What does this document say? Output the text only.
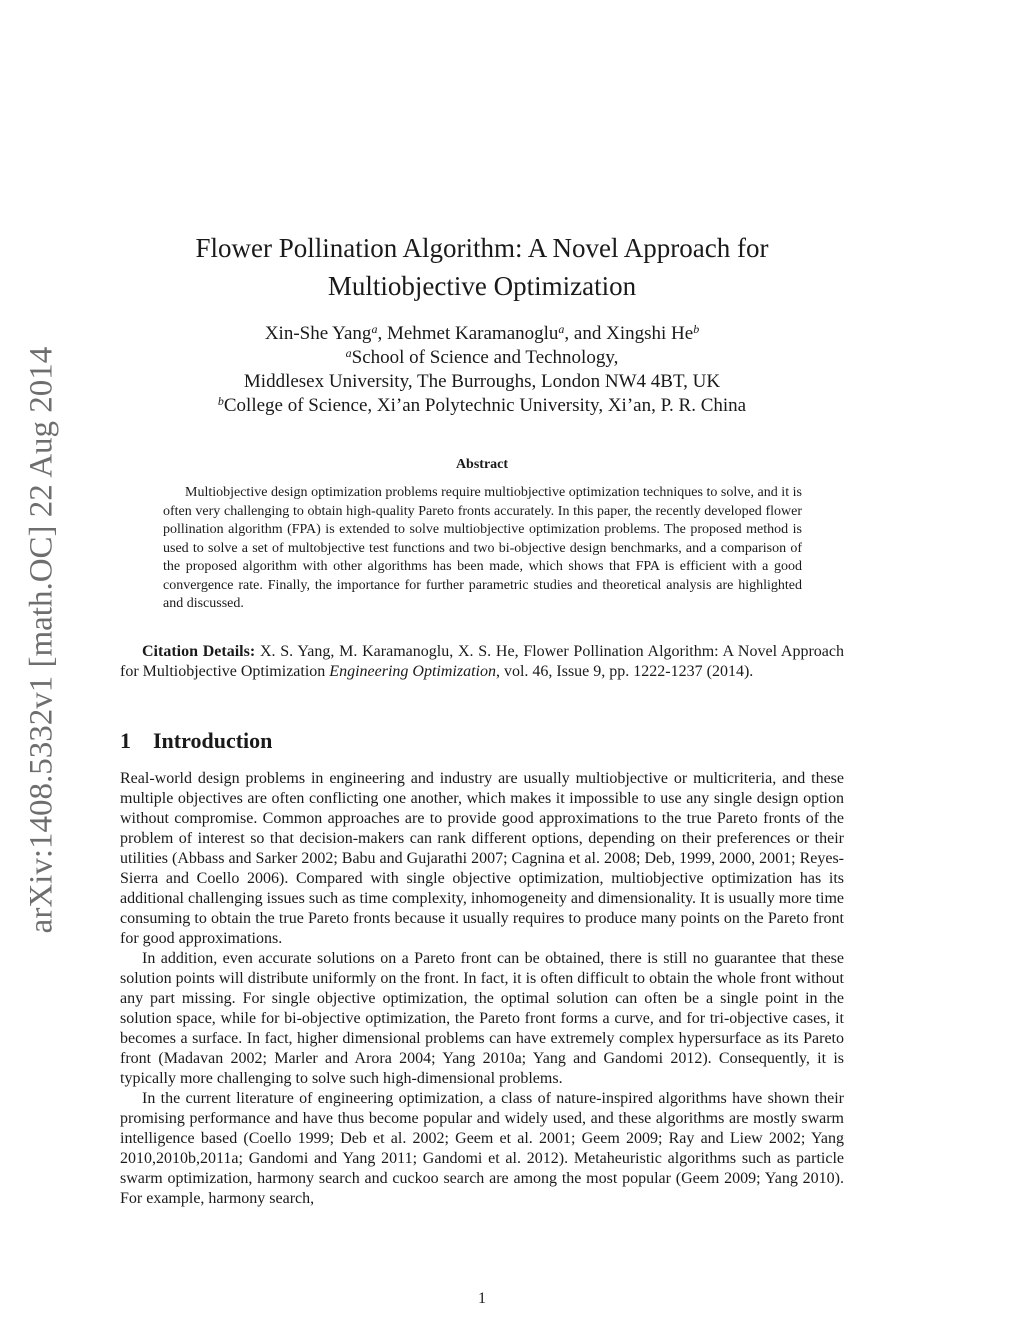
arXiv:1408.5332v1 [math.OC] 22 Aug 2014
Flower Pollination Algorithm: A Novel Approach for Multiobjective Optimization
Xin-She Yang$^a$, Mehmet Karamanoglu$^a$, and Xingshi He$^b$
$^a$School of Science and Technology,
Middlesex University, The Burroughs, London NW4 4BT, UK
$^b$College of Science, Xi’an Polytechnic University, Xi’an, P. R. China
Abstract
Multiobjective design optimization problems require multiobjective optimization techniques to solve, and it is often very challenging to obtain high-quality Pareto fronts accurately. In this paper, the recently developed flower pollination algorithm (FPA) is extended to solve multiobjective optimization problems. The proposed method is used to solve a set of multobjective test functions and two bi-objective design benchmarks, and a comparison of the proposed algorithm with other algorithms has been made, which shows that FPA is efficient with a good convergence rate. Finally, the importance for further parametric studies and theoretical analysis are highlighted and discussed.
Citation Details: X. S. Yang, M. Karamanoglu, X. S. He, Flower Pollination Algorithm: A Novel Approach for Multiobjective Optimization Engineering Optimization, vol. 46, Issue 9, pp. 1222-1237 (2014).
1 Introduction

Real-world design problems in engineering and industry are usually multiobjective or multicriteria, and these multiple objectives are often conflicting one another, which makes it impossible to use any single design option without compromise. Common approaches are to provide good approximations to the true Pareto fronts of the problem of interest so that decision-makers can rank different options, depending on their preferences or their utilities (Abbass and Sarker 2002; Babu and Gujarathi 2007; Cagnina et al. 2008; Deb, 1999, 2000, 2001; Reyes-Sierra and Coello 2006). Compared with single objective optimization, multiobjective optimization has its additional challenging issues such as time complexity, inhomogeneity and dimensionality. It is usually more time consuming to obtain the true Pareto fronts because it usually requires to produce many points on the Pareto front for good approximations.

In addition, even accurate solutions on a Pareto front can be obtained, there is still no guarantee that these solution points will distribute uniformly on the front. In fact, it is often difficult to obtain the whole front without any part missing. For single objective optimization, the optimal solution can often be a single point in the solution space, while for bi-objective optimization, the Pareto front forms a curve, and for tri-objective cases, it becomes a surface. In fact, higher dimensional problems can have extremely complex hypersurface as its Pareto front (Madavan 2002; Marler and Arora 2004; Yang 2010a; Yang and Gandomi 2012). Consequently, it is typically more challenging to solve such high-dimensional problems.

In the current literature of engineering optimization, a class of nature-inspired algorithms have shown their promising performance and have thus become popular and widely used, and these algorithms are mostly swarm intelligence based (Coello 1999; Deb et al. 2002; Geem et al. 2001; Geem 2009; Ray and Liew 2002; Yang 2010,2010b,2011a; Gandomi and Yang 2011; Gandomi et al. 2012). Metaheuristic algorithms such as particle swarm optimization, harmony search and cuckoo search are among the most popular (Geem 2009; Yang 2010). For example, harmony search,

1
